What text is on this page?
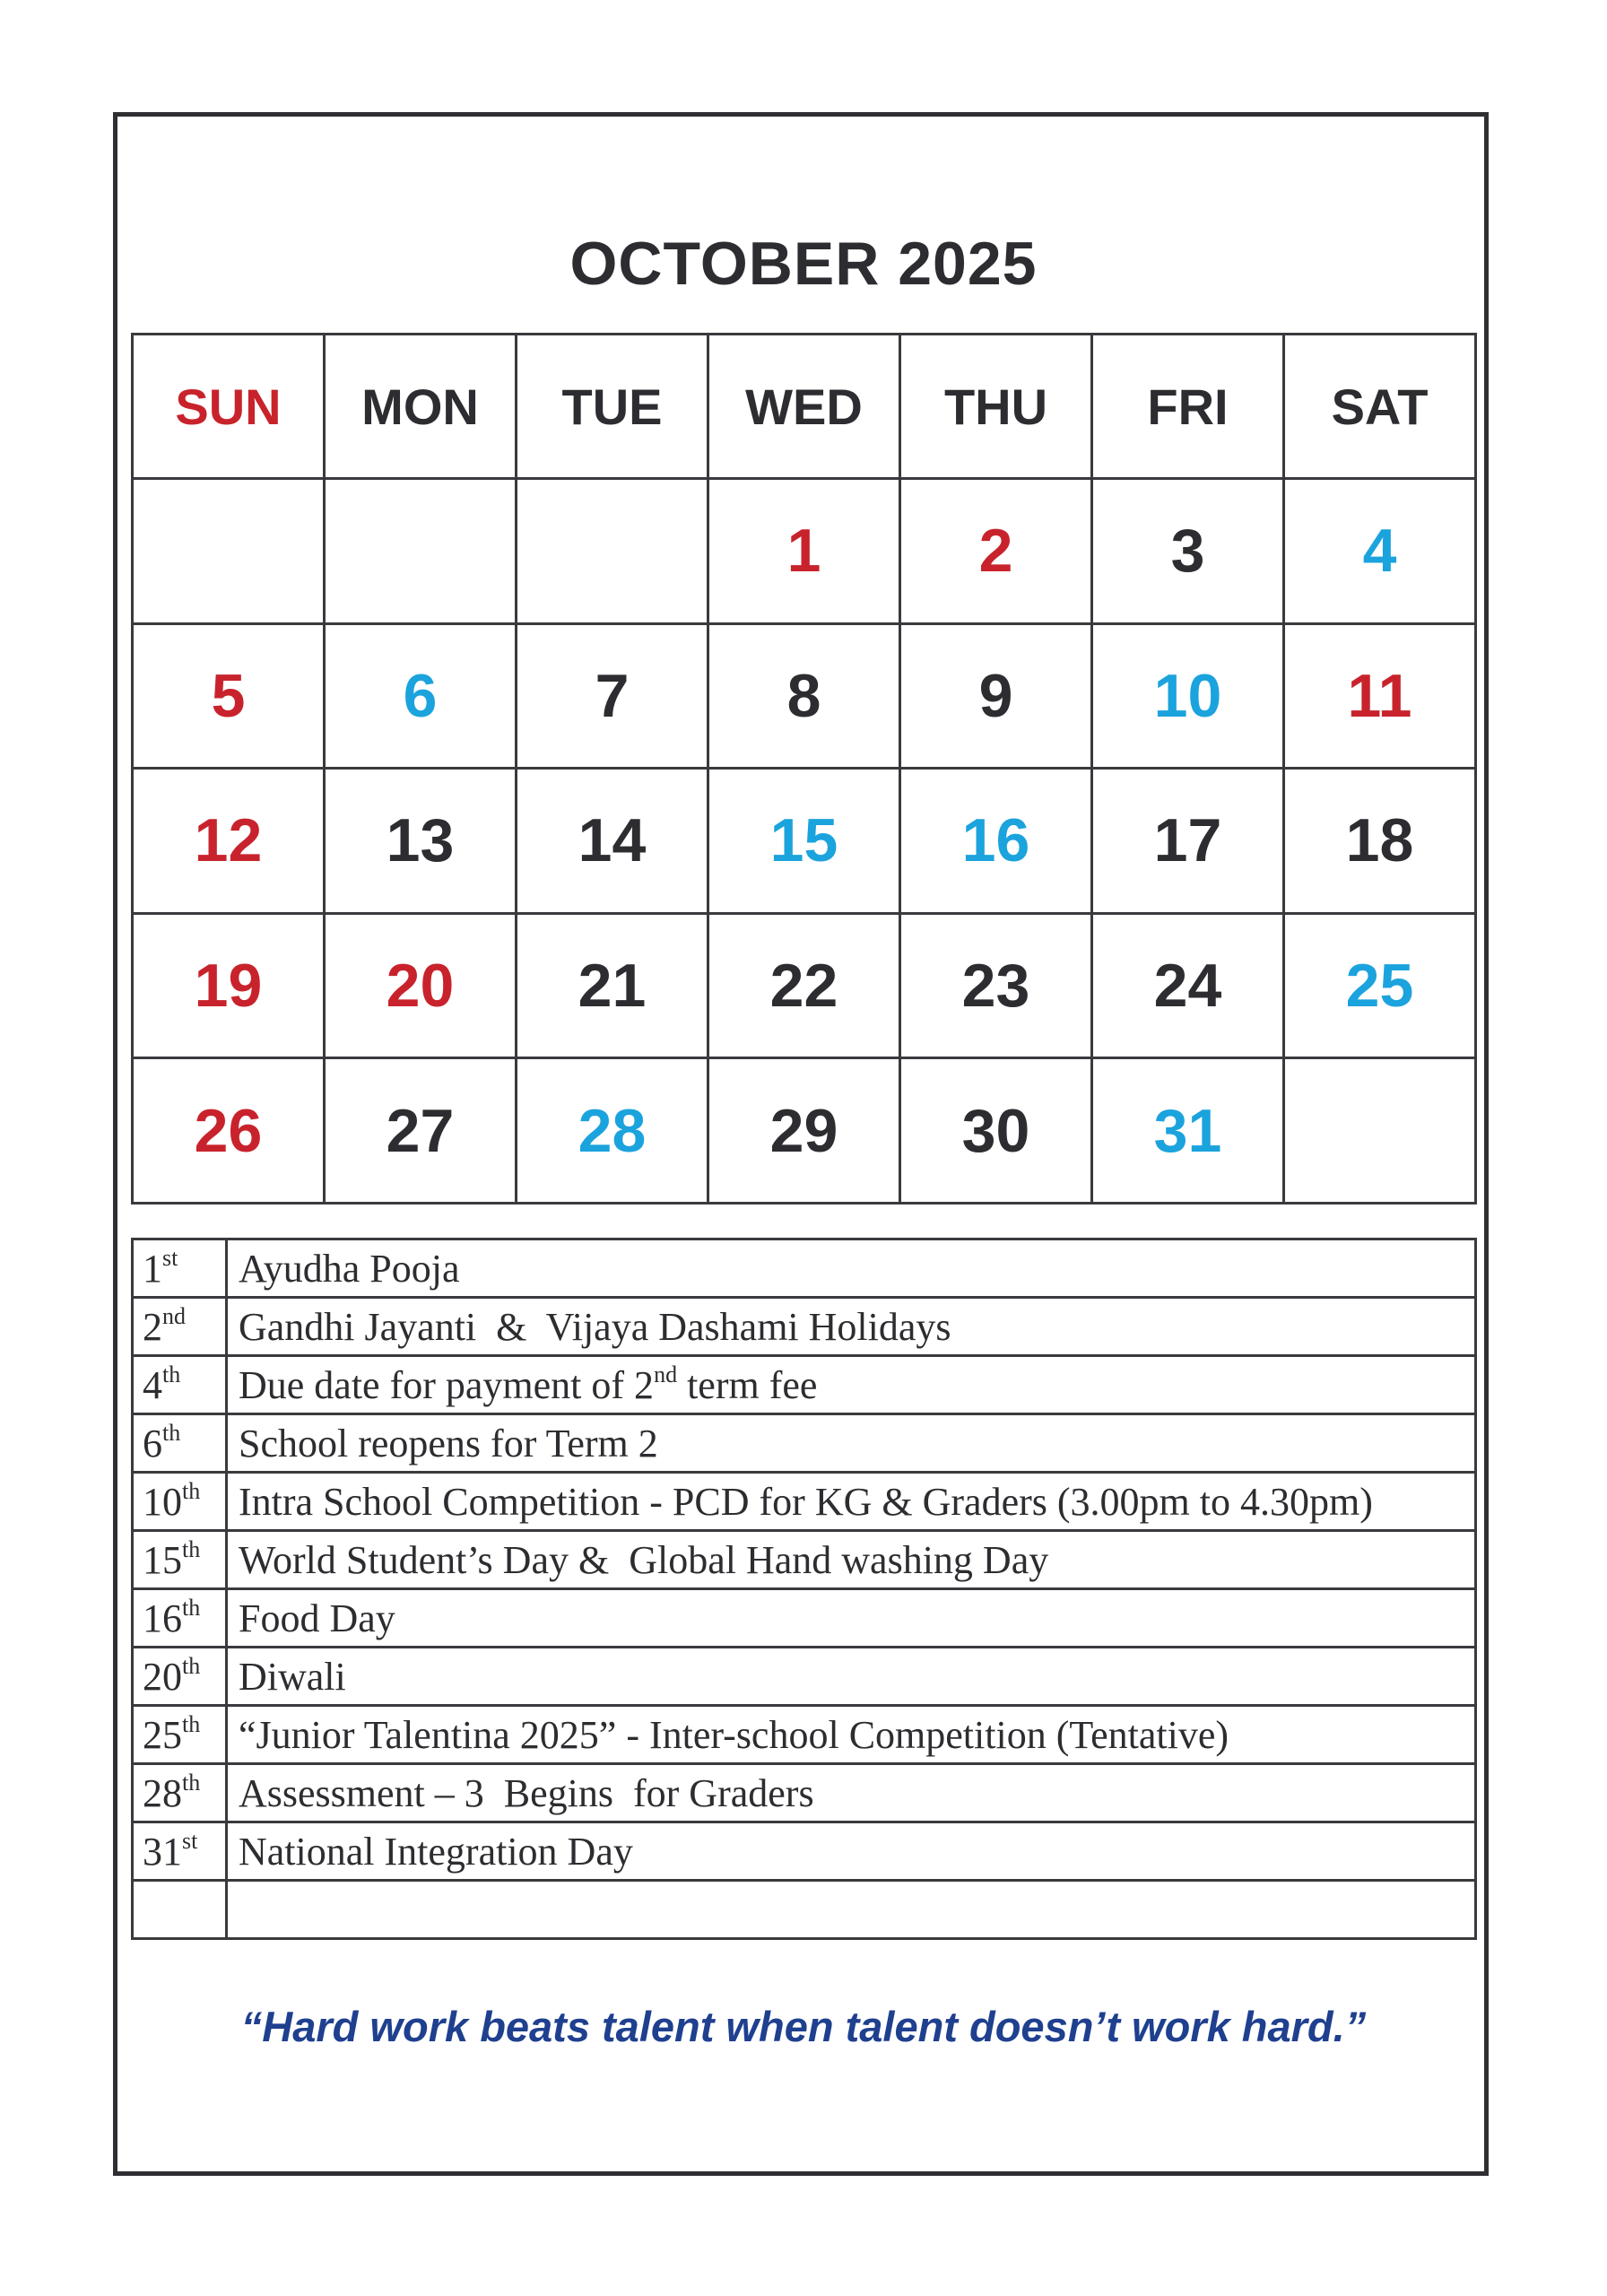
OCTOBER 2025
SUN	MON	TUE	WED	THU	FRI	SAT
			1	2	3	4
5	6	7	8	9	10	11
12	13	14	15	16	17	18
19	20	21	22	23	24	25
26	27	28	29	30	31	
1st	Ayudha Pooja
2nd	Gandhi Jayanti  &  Vijaya Dashami Holidays
4th	Due date for payment of 2nd term fee
6th	School reopens for Term 2
10th	Intra School Competition - PCD for KG & Graders (3.00pm to 4.30pm)
15th	World Student’s Day &  Global Hand washing Day
16th	Food Day
20th	Diwali
25th	“Junior Talentina 2025” - Inter-school Competition (Tentative)
28th	Assessment – 3  Begins  for Graders
31st	National Integration Day

“Hard work beats talent when talent doesn’t work hard.”
